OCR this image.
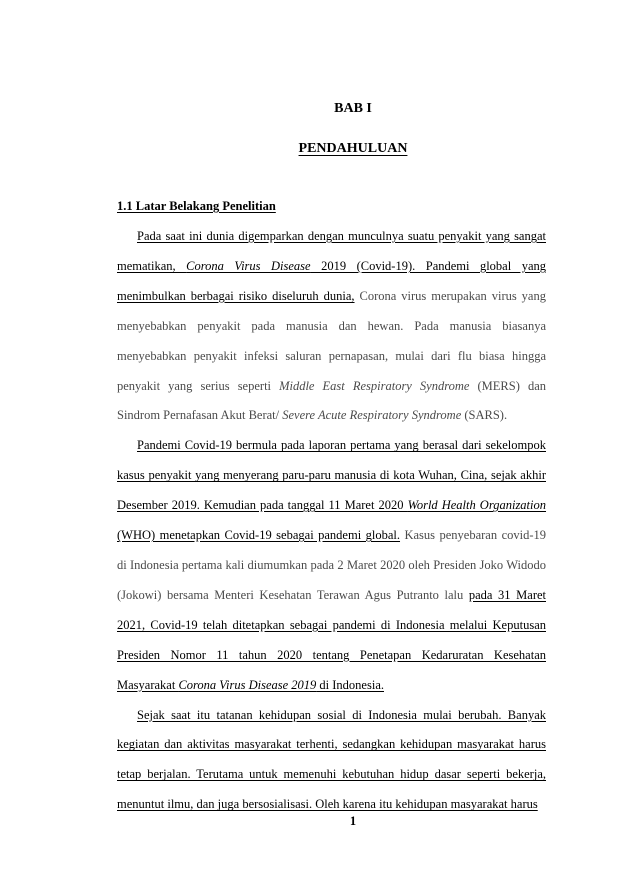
BAB I

PENDAHULUAN

1.1 Latar Belakang Penelitian

Pada saat ini dunia digemparkan dengan munculnya suatu penyakit yang sangat mematikan, Corona Virus Disease 2019 (Covid-19). Pandemi global yang menimbulkan berbagai risiko diseluruh dunia, Corona virus merupakan virus yang menyebabkan penyakit pada manusia dan hewan. Pada manusia biasanya menyebabkan penyakit infeksi saluran pernapasan, mulai dari flu biasa hingga penyakit yang serius seperti Middle East Respiratory Syndrome (MERS) dan Sindrom Pernafasan Akut Berat/ Severe Acute Respiratory Syndrome (SARS).

Pandemi Covid-19 bermula pada laporan pertama yang berasal dari sekelompok kasus penyakit yang menyerang paru-paru manusia di kota Wuhan, Cina, sejak akhir Desember 2019. Kemudian pada tanggal 11 Maret 2020 World Health Organization (WHO) menetapkan Covid-19 sebagai pandemi global. Kasus penyebaran covid-19 di Indonesia pertama kali diumumkan pada 2 Maret 2020 oleh Presiden Joko Widodo (Jokowi) bersama Menteri Kesehatan Terawan Agus Putranto lalu pada 31 Maret 2021, Covid-19 telah ditetapkan sebagai pandemi di Indonesia melalui Keputusan Presiden Nomor 11 tahun 2020 tentang Penetapan Kedaruratan Kesehatan Masyarakat Corona Virus Disease 2019 di Indonesia.

Sejak saat itu tatanan kehidupan sosial di Indonesia mulai berubah. Banyak kegiatan dan aktivitas masyarakat terhenti, sedangkan kehidupan masyarakat harus tetap berjalan. Terutama untuk memenuhi kebutuhan hidup dasar seperti bekerja, menuntut ilmu, dan juga bersosialisasi. Oleh karena itu kehidupan masyarakat harus

1
